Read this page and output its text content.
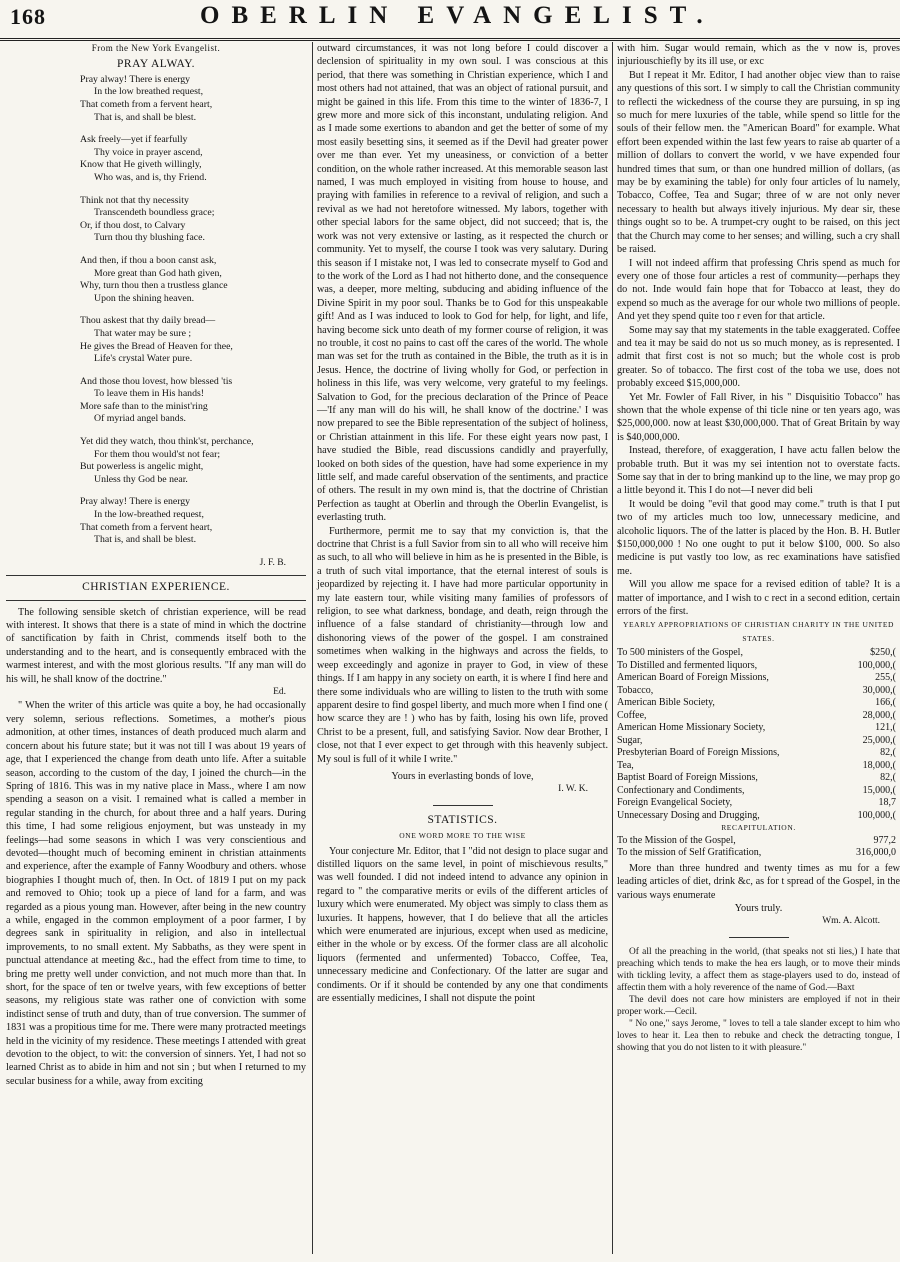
168	OBERLIN EVANGELIST.
From the New York Evangelist.
PRAY ALWAY.
Pray alway! There is energy
In the low breathed request,
That cometh from a fervent heart,
That is, and shall be blest.
Ask freely—yet if fearfully
Thy voice in prayer ascend,
Know that He giveth willingly,
Who was, and is, thy Friend.
Think not that thy necessity
Transcendeth boundless grace;
Or, if thou dost, to Calvary
Turn thou thy blushing face.
And then, if thou a boon canst ask,
More great than God hath given,
Why, turn thou then a trustless glance
Upon the shining heaven.
Thou askest that thy daily bread—
That water may be sure ;
He gives the Bread of Heaven for thee,
Life's crystal Water pure.
And those thou lovest, how blessed 'tis
To leave them in His hands!
More safe than to the minist'ring
Of myriad angel bands.
Yet did they watch, thou think'st, perchance,
For them thou would'st not fear;
But powerless is angelic might,
Unless thy God be near.
Pray alway! There is energy
In the low-breathed request,
That cometh from a fervent heart,
That is, and shall be blest.
J. F. B.
CHRISTIAN EXPERIENCE.

The following sensible sketch of christian experience, will be read with interest. It shows that there is a state of mind in which the doctrine of sanctification by faith in Christ, commends itself both to the understanding and to the heart, and is consequently embraced with the warmest interest, and with the most glorious results. "If any man will do his will, he shall know of the doctrine."

Ed.

" When the writer of this article was quite a boy, he had occasionally very solemn, serious reflections. Sometimes, a mother's pious admonition, at other times, instances of death produced much alarm and concern about his future state; but it was not till I was about 19 years of age, that I experienced the change from death unto life. After a suitable season, according to the custom of the day, I joined the church—in the Spring of 1816. This was in my native place in Mass., where I am now spending a season on a visit. I remained what is called a member in regular standing in the church, for about three and a half years. During this time, I had some religious enjoyment, but was unsteady in my feelings—had some seasons in which I was very conscientious and devoted—thought much of becoming eminent in christian attainments and experience, after the example of Fanny Woodbury and others. whose biographies I thought much of, then. In Oct. of 1819 I put on my pack and removed to Ohio; took up a piece of land for a farm, and was regarded as a pious young man. However, after being in the new country a while, engaged in the common employment of a poor farmer, I by degrees sank in spirituality in religion, and also in intellectual improvements, to no small extent. My Sabbaths, as they were spent in punctual attendance at meeting &c., had the effect from time to time, to bring me pretty well under conviction, and not much more than that. In short, for the space of ten or twelve years, with few exceptions of better seasons, my religious state was rather one of conviction with some indistinct sense of truth and duty, than of true conversion. The summer of 1831 was a propitious time for me. There were many protracted meetings held in the vicinity of my residence. These meetings I attended with great devotion to the object, to wit: the conversion of sinners. Yet, I had not so learned Christ as to abide in him and not sin ; but when I returned to my secular business for a while, away from exciting

outward circumstances, it was not long before I could discover a declension of spirituality in my own soul. I was conscious at this period, that there was something in Christian experience, which I and most others had not attained, that was an object of rational pursuit, and might be gained in this life. From this time to the winter of 1836-7, I grew more and more sick of this inconstant, undulating religion. And as I made some exertions to abandon and get the better of some of my most easily besetting sins, it seemed as if the Devil had greater power over me than ever. Yet my uneasiness, or conviction of a better condition, on the whole rather increased. At this memorable season last named, I was much employed in visiting from house to house, and praying with families in reference to a revival of religion, and such a revival as we had not heretofore witnessed. My labors, together with other special labors for the same object, did not succeed; that is, the work was not very extensive or lasting, as it respected the church or community. Yet to myself, the course I took was very salutary. During this season if I mistake not, I was led to consecrate myself to God and to the work of the Lord as I had not hitherto done, and the consequence was, a deeper, more melting, subducing and abiding influence of the Divine Spirit in my poor soul. Thanks be to God for this unspeakable gift! And as I was induced to look to God for help, for light, and life, having become sick unto death of my former course of religion, it was no trouble, it cost no pains to cast off the cares of the world. The whole man was set for the truth as contained in the Bible, the truth as it is in Jesus. Hence, the doctrine of living wholly for God, or perfection in holiness in this life, was very welcome, very grateful to my feelings. Salvation to God, for the precious declaration of the Prince of Peace—'If any man will do his will, he shall know of the doctrine.' I was now prepared to see the Bible representation of the subject of holiness, or Christian attainment in this life. For these eight years now past, I have studied the Bible, read discussions candidly and prayerfully, looked on both sides of the question, have had some experience in my little self, and made careful observation of the sentiments, and practice of others. The result in my own mind is, that the doctrine of Christian Perfection as taught at Oberlin and through the Oberlin Evangelist, is everlasting truth.

Furthermore, permit me to say that my conviction is, that the doctrine that Christ is a full Savior from sin to all who will receive him as such, to all who will believe in him as he is presented in the Bible, is a truth of such vital importance, that the eternal interest of souls is jeopardized by rejecting it. I have had more particular opportunity in my late eastern tour, while visiting many families of professors of religion, to see what darkness, bondage, and death, reign through the influence of a false standard of christianity—through low and dishonoring views of the power of the gospel. I am constrained sometimes when walking in the highways and across the fields, to weep exceedingly and agonize in prayer to God, in view of these things. If I am happy in any society on earth, it is where I find here and there some individuals who are willing to listen to the truth with some apparent desire to find gospel liberty, and much more when I find one ( how scarce they are ! ) who has by faith, losing his own life, proved Christ to be a present, full, and satisfying Savior. Now dear Brother, I close, not that I ever expect to get through with this heavenly subject. My soul is full of it while I write."

Yours in everlasting bonds of love,
I. W. K.
STATISTICS.
ONE WORD MORE TO THE WISE

Your conjecture Mr. Editor, that I "did not design to place sugar and distilled liquors on the same level, in point of mischievous results," was well founded. I did not indeed intend to advance any opinion in regard to " the comparative merits or evils of the different articles of luxury which were enumerated. My object was simply to class them as luxuries. It happens, however, that I do believe that all the articles which were enumerated are injurious, except when used as medicine, either in the whole or by excess. Of the former class are all alcoholic liquors (fermented and unfermented) Tobacco, Coffee, Tea, unnecessary medicine and Confectionary. Of the latter are sugar and condiments. Or if it should be contended by any one that condiments are essentially medicines, I shall not dispute the point

with him. Sugar would remain, which as the v now is, proves injuriouschiefly by its ill use, or exc

But I repeat it Mr. Editor, I had another objec view than to raise any questions of this sort. I w simply to call the Christian community to reflecti the wickedness of the course they are pursuing, in sp ing so much for mere luxuries of the table, while spend so little for the souls of their fellow men. the "American Board" for example. What effort been expended within the last few years to raise ab quarter of a million of dollars to convert the world, v we have expended four hundred times that sum, or than one hundred million of dollars, (as may be by examining the table) for only four articles of lu namely, Tobacco, Coffee, Tea and Sugar; three of w are not only never necessary to health but always itively injurious. My dear sir, these things ought so to be. A trumpet-cry ought to be raised, on this ject that the Church may come to her senses; and willing, such a cry shall be raised.

I will not indeed affirm that professing Chris spend as much for every one of those four articles a rest of community—perhaps they do not. Inde would fain hope that for Tobacco at least, they do expend so much as the average for our whole two millions of people. And yet they spend quite too r even for that article.

Some may say that my statements in the table exaggerated. Coffee and tea it may be said do not us so much money, as is represented. I admit that first cost is not so much; but the whole cost is prob greater. So of tobacco. The first cost of the toba we use, does not probably exceed $15,000,000.

Yet Mr. Fowler of Fall River, in his " Disquisitio Tobacco" has shown that the whole expense of thi ticle nine or ten years ago, was $25,000,000. now at least $30,000,000. That of Great Britain by way is $40,000,000.

Instead, therefore, of exaggeration, I have actu fallen below the probable truth. But it was my sei intention not to overstate facts. Some say that in der to bring mankind up to the line, we may prop go a little beyond it. This I do not—I never did beli

It would be doing "evil that good may come." truth is that I put two of my articles much too low, unnecessary medicine, and alcoholic liquors. The of the latter is placed by the Hon. B. H. Butler $150,000,000 ! No one ought to put it below $100, 000. So also medicine is put vastly too low, as rec examinations have satisfied me.

Will you allow me space for a revised edition of table? It is a matter of importance, and I wish to c rect in a second edition, certain errors of the first.

YEARLY APPROPRIATIONS OF CHRISTIAN CHARITY IN THE UNITED STATES.
To 500 ministers of the Gospel,	$250,(
To Distilled and fermented liquors,	100,000,(
American Board of Foreign Missions,	255,(
Tobacco,	30,000,(
American Bible Society,	166,(
Coffee,	28,000,(
American Home Missionary Society,	121,(
Sugar,	25,000,(
Presbyterian Board of Foreign Missions,	82,(
Tea,	18,000,(
Baptist Board of Foreign Missions,	82,(
Confectionary and Condiments,	15,000,(
Foreign Evangelical Society,	18,7
Unnecessary Dosing and Drugging,	100,000,(
RECAPITULATION.
To the Mission of the Gospel,	977,2
To the mission of Self Gratification,	316,000,0

More than three hundred and twenty times as mu for a few leading articles of diet, drink &c, as for t spread of the Gospel, in the various ways enumerate

Yours truly.
Wm. A. Alcott.

Of all the preaching in the world, (that speaks not sti lies,) I hate that preaching which tends to make the hea ers laugh, or to move their minds with tickling levity, a affect them as stage-players used to do, instead of affectin them with a holy reverence of the name of God.—Baxt

The devil does not care how ministers are employed if not in their proper work.—Cecil.

" No one," says Jerome, " loves to tell a tale slander except to him who loves to hear it. Lea then to rebuke and check the detracting tongue, I showing that you do not listen to it with pleasure."
